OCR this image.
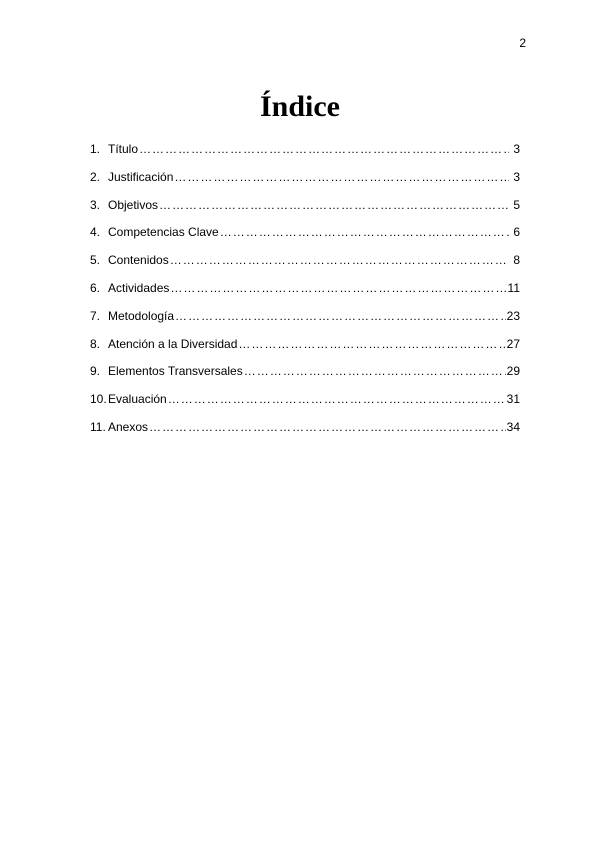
2
Índice
1. Título ……………………………………………………………………………………………………………………………………………………	3
2. Justificación ……………………………………………………………………………………………………………………………………………………	3
3. Objetivos ……………………………………………………………………………………………………………………………………………………	5
4. Competencias Clave ……………………………………………………………………………………………………………………………………………………	6
5. Contenidos ……………………………………………………………………………………………………………………………………………………	8
6. Actividades ……………………………………………………………………………………………………………………………………………………	11
7. Metodología ……………………………………………………………………………………………………………………………………………………	23
8. Atención a la Diversidad ……………………………………………………………………………………………………………………………………………………	27
9. Elementos Transversales ……………………………………………………………………………………………………………………………………………………	29
10. Evaluación ……………………………………………………………………………………………………………………………………………………	31
11. Anexos ……………………………………………………………………………………………………………………………………………………	34
